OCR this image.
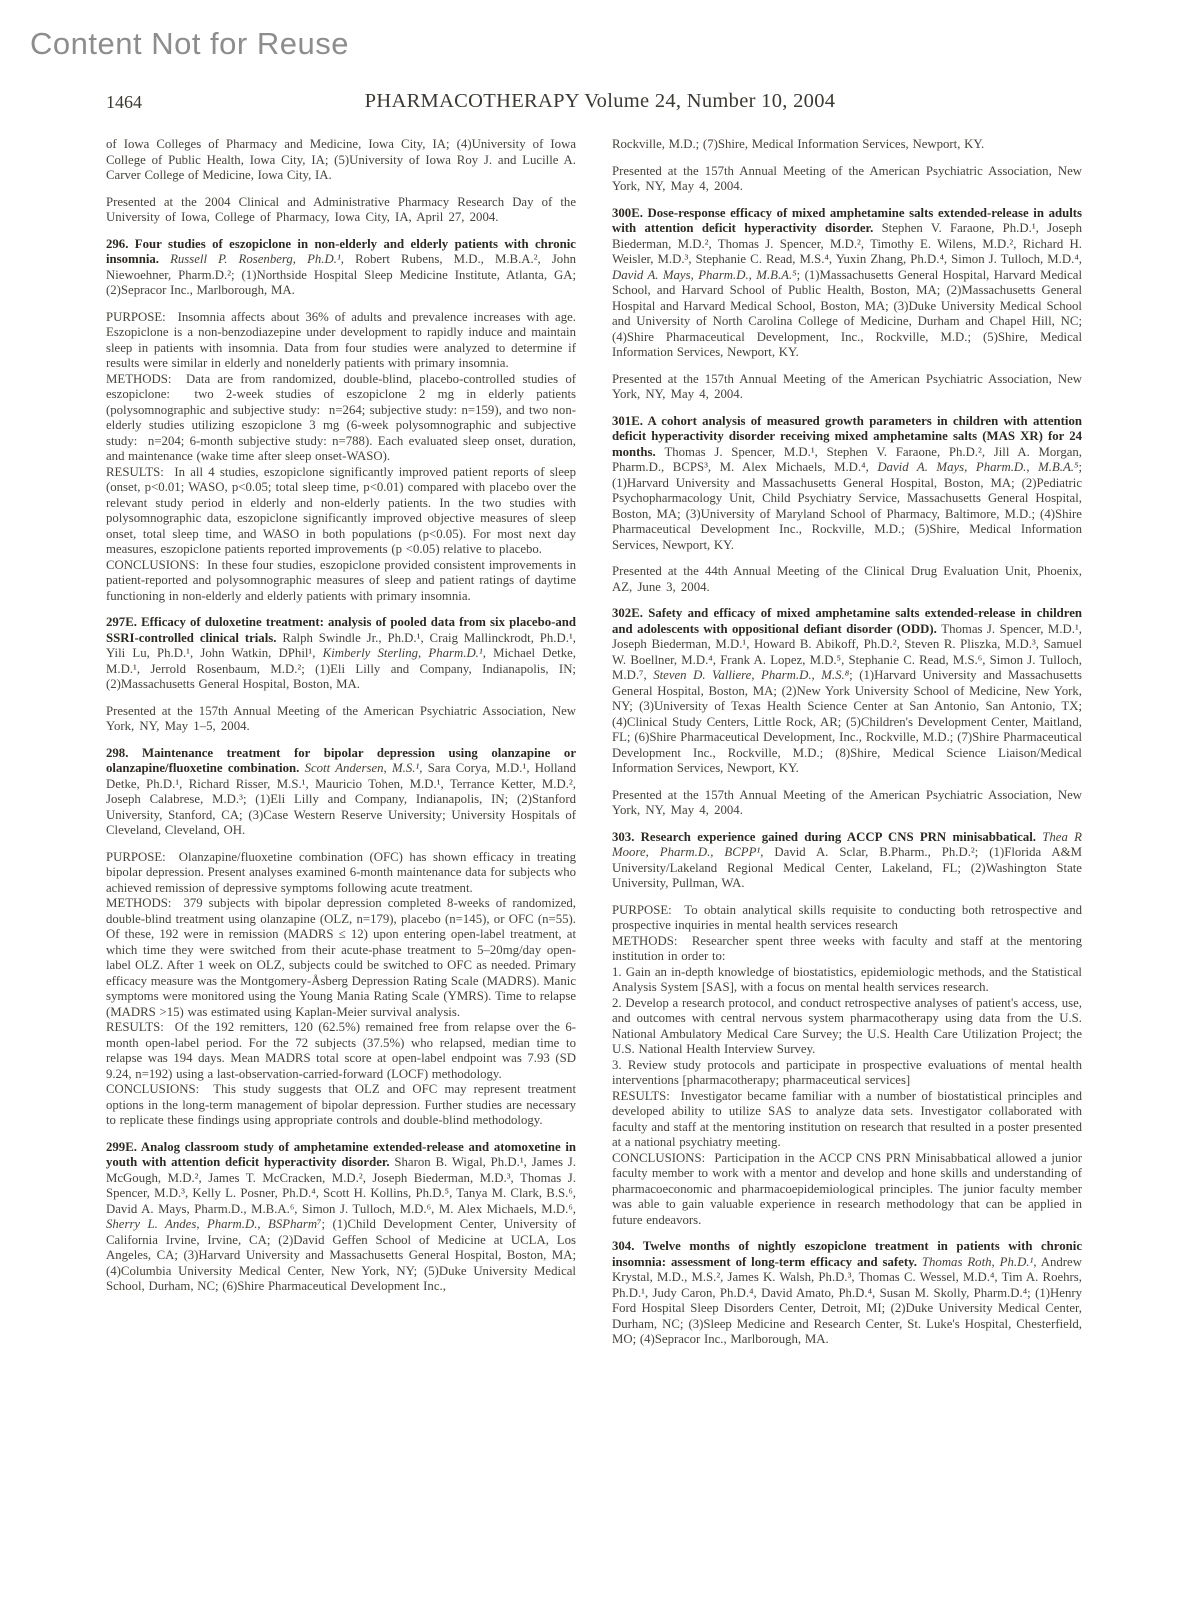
Content Not for Reuse
PHARMACOTHERAPY Volume 24, Number 10, 2004
1464
of Iowa Colleges of Pharmacy and Medicine, Iowa City, IA; (4)University of Iowa College of Public Health, Iowa City, IA; (5)University of Iowa Roy J. and Lucille A. Carver College of Medicine, Iowa City, IA.
Presented at the 2004 Clinical and Administrative Pharmacy Research Day of the University of Iowa, College of Pharmacy, Iowa City, IA, April 27, 2004.
296. Four studies of eszopiclone in non-elderly and elderly patients with chronic insomnia. Russell P. Rosenberg, Ph.D.¹, Robert Rubens, M.D., M.B.A.², John Niewoehner, Pharm.D.²; (1)Northside Hospital Sleep Medicine Institute, Atlanta, GA; (2)Sepracor Inc., Marlborough, MA.

PURPOSE:  Insomnia affects about 36% of adults and prevalence increases with age. Eszopiclone is a non-benzodiazepine under development to rapidly induce and maintain sleep in patients with insomnia. Data from four studies were analyzed to determine if results were similar in elderly and nonelderly patients with primary insomnia.

METHODS:  Data are from randomized, double-blind, placebo-controlled studies of eszopiclone:  two 2-week studies of eszopiclone 2 mg in elderly patients (polysomnographic and subjective study:  n=264; subjective study: n=159), and two non-elderly studies utilizing eszopiclone 3 mg (6-week polysomnographic and subjective study:  n=204; 6-month subjective study: n=788). Each evaluated sleep onset, duration, and maintenance (wake time after sleep onset-WASO).

RESULTS:  In all 4 studies, eszopiclone significantly improved patient reports of sleep (onset, p<0.01; WASO, p<0.05; total sleep time, p<0.01) compared with placebo over the relevant study period in elderly and non-elderly patients. In the two studies with polysomnographic data, eszopiclone significantly improved objective measures of sleep onset, total sleep time, and WASO in both populations (p<0.05). For most next day measures, eszopiclone patients reported improvements (p <0.05) relative to placebo.

CONCLUSIONS:  In these four studies, eszopiclone provided consistent improvements in patient-reported and polysomnographic measures of sleep and patient ratings of daytime functioning in non-elderly and elderly patients with primary insomnia.

297E. Efficacy of duloxetine treatment: analysis of pooled data from six placebo-and SSRI-controlled clinical trials. Ralph Swindle Jr., Ph.D.¹, Craig Mallinckrodt, Ph.D.¹, Yili Lu, Ph.D.¹, John Watkin, DPhil¹, Kimberly Sterling, Pharm.D.¹, Michael Detke, M.D.¹, Jerrold Rosenbaum, M.D.²; (1)Eli Lilly and Company, Indianapolis, IN; (2)Massachusetts General Hospital, Boston, MA.
Presented at the 157th Annual Meeting of the American Psychiatric Association, New York, NY, May 1–5, 2004.
298. Maintenance treatment for bipolar depression using olanzapine or olanzapine/fluoxetine combination. Scott Andersen, M.S.¹, Sara Corya, M.D.¹, Holland Detke, Ph.D.¹, Richard Risser, M.S.¹, Mauricio Tohen, M.D.¹, Terrance Ketter, M.D.², Joseph Calabrese, M.D.³; (1)Eli Lilly and Company, Indianapolis, IN; (2)Stanford University, Stanford, CA; (3)Case Western Reserve University; University Hospitals of Cleveland, Cleveland, OH.

PURPOSE:  Olanzapine/fluoxetine combination (OFC) has shown efficacy in treating bipolar depression. Present analyses examined 6-month maintenance data for subjects who achieved remission of depressive symptoms following acute treatment.

METHODS:  379 subjects with bipolar depression completed 8-weeks of randomized, double-blind treatment using olanzapine (OLZ, n=179), placebo (n=145), or OFC (n=55). Of these, 192 were in remission (MADRS ≤ 12) upon entering open-label treatment, at which time they were switched from their acute-phase treatment to 5–20mg/day open-label OLZ. After 1 week on OLZ, subjects could be switched to OFC as needed. Primary efficacy measure was the Montgomery-Åsberg Depression Rating Scale (MADRS). Manic symptoms were monitored using the Young Mania Rating Scale (YMRS). Time to relapse (MADRS >15) was estimated using Kaplan-Meier survival analysis.

RESULTS:  Of the 192 remitters, 120 (62.5%) remained free from relapse over the 6-month open-label period. For the 72 subjects (37.5%) who relapsed, median time to relapse was 194 days. Mean MADRS total score at open-label endpoint was 7.93 (SD 9.24, n=192) using a last-observation-carried-forward (LOCF) methodology.

CONCLUSIONS:  This study suggests that OLZ and OFC may represent treatment options in the long-term management of bipolar depression. Further studies are necessary to replicate these findings using appropriate controls and double-blind methodology.

299E. Analog classroom study of amphetamine extended-release and atomoxetine in youth with attention deficit hyperactivity disorder. Sharon B. Wigal, Ph.D.¹, James J. McGough, M.D.², James T. McCracken, M.D.², Joseph Biederman, M.D.³, Thomas J. Spencer, M.D.³, Kelly L. Posner, Ph.D.⁴, Scott H. Kollins, Ph.D.⁵, Tanya M. Clark, B.S.⁶, David A. Mays, Pharm.D., M.B.A.⁶, Simon J. Tulloch, M.D.⁶, M. Alex Michaels, M.D.⁶, Sherry L. Andes, Pharm.D., BSPharm⁷; (1)Child Development Center, University of California Irvine, Irvine, CA; (2)David Geffen School of Medicine at UCLA, Los Angeles, CA; (3)Harvard University and Massachusetts General Hospital, Boston, MA; (4)Columbia University Medical Center, New York, NY; (5)Duke University Medical School, Durham, NC; (6)Shire Pharmaceutical Development Inc.,
Rockville, M.D.; (7)Shire, Medical Information Services, Newport, KY.
Presented at the 157th Annual Meeting of the American Psychiatric Association, New York, NY, May 4, 2004.
300E. Dose-response efficacy of mixed amphetamine salts extended-release in adults with attention deficit hyperactivity disorder. Stephen V. Faraone, Ph.D.¹, Joseph Biederman, M.D.², Thomas J. Spencer, M.D.², Timothy E. Wilens, M.D.², Richard H. Weisler, M.D.³, Stephanie C. Read, M.S.⁴, Yuxin Zhang, Ph.D.⁴, Simon J. Tulloch, M.D.⁴, David A. Mays, Pharm.D., M.B.A.⁵; (1)Massachusetts General Hospital, Harvard Medical School, and Harvard School of Public Health, Boston, MA; (2)Massachusetts General Hospital and Harvard Medical School, Boston, MA; (3)Duke University Medical School and University of North Carolina College of Medicine, Durham and Chapel Hill, NC; (4)Shire Pharmaceutical Development, Inc., Rockville, M.D.; (5)Shire, Medical Information Services, Newport, KY.
Presented at the 157th Annual Meeting of the American Psychiatric Association, New York, NY, May 4, 2004.
301E. A cohort analysis of measured growth parameters in children with attention deficit hyperactivity disorder receiving mixed amphetamine salts (MAS XR) for 24 months. Thomas J. Spencer, M.D.¹, Stephen V. Faraone, Ph.D.², Jill A. Morgan, Pharm.D., BCPS³, M. Alex Michaels, M.D.⁴, David A. Mays, Pharm.D., M.B.A.⁵; (1)Harvard University and Massachusetts General Hospital, Boston, MA; (2)Pediatric Psychopharmacology Unit, Child Psychiatry Service, Massachusetts General Hospital, Boston, MA; (3)University of Maryland School of Pharmacy, Baltimore, M.D.; (4)Shire Pharmaceutical Development Inc., Rockville, M.D.; (5)Shire, Medical Information Services, Newport, KY.
Presented at the 44th Annual Meeting of the Clinical Drug Evaluation Unit, Phoenix, AZ, June 3, 2004.
302E. Safety and efficacy of mixed amphetamine salts extended-release in children and adolescents with oppositional defiant disorder (ODD). Thomas J. Spencer, M.D.¹, Joseph Biederman, M.D.¹, Howard B. Abikoff, Ph.D.², Steven R. Pliszka, M.D.³, Samuel W. Boellner, M.D.⁴, Frank A. Lopez, M.D.⁵, Stephanie C. Read, M.S.⁶, Simon J. Tulloch, M.D.⁷, Steven D. Valliere, Pharm.D., M.S.⁸; (1)Harvard University and Massachusetts General Hospital, Boston, MA; (2)New York University School of Medicine, New York, NY; (3)University of Texas Health Science Center at San Antonio, San Antonio, TX; (4)Clinical Study Centers, Little Rock, AR; (5)Children's Development Center, Maitland, FL; (6)Shire Pharmaceutical Development, Inc., Rockville, M.D.; (7)Shire Pharmaceutical Development Inc., Rockville, M.D.; (8)Shire, Medical Science Liaison/Medical Information Services, Newport, KY.
Presented at the 157th Annual Meeting of the American Psychiatric Association, New York, NY, May 4, 2004.
303. Research experience gained during ACCP CNS PRN minisabbatical. Thea R Moore, Pharm.D., BCPP¹, David A. Sclar, B.Pharm., Ph.D.²; (1)Florida A&M University/Lakeland Regional Medical Center, Lakeland, FL; (2)Washington State University, Pullman, WA.

PURPOSE:  To obtain analytical skills requisite to conducting both retrospective and prospective inquiries in mental health services research

METHODS:  Researcher spent three weeks with faculty and staff at the mentoring institution in order to:

1. Gain an in-depth knowledge of biostatistics, epidemiologic methods, and the Statistical Analysis System [SAS], with a focus on mental health services research.

2. Develop a research protocol, and conduct retrospective analyses of patient's access, use, and outcomes with central nervous system pharmacotherapy using data from the U.S. National Ambulatory Medical Care Survey; the U.S. Health Care Utilization Project; the U.S. National Health Interview Survey.

3. Review study protocols and participate in prospective evaluations of mental health interventions [pharmacotherapy; pharmaceutical services]

RESULTS:  Investigator became familiar with a number of biostatistical principles and developed ability to utilize SAS to analyze data sets. Investigator collaborated with faculty and staff at the mentoring institution on research that resulted in a poster presented at a national psychiatry meeting.

CONCLUSIONS:  Participation in the ACCP CNS PRN Minisabbatical allowed a junior faculty member to work with a mentor and develop and hone skills and understanding of pharmacoeconomic and pharmacoepidemiological principles. The junior faculty member was able to gain valuable experience in research methodology that can be applied in future endeavors.

304. Twelve months of nightly eszopiclone treatment in patients with chronic insomnia: assessment of long-term efficacy and safety. Thomas Roth, Ph.D.¹, Andrew Krystal, M.D., M.S.², James K. Walsh, Ph.D.³, Thomas C. Wessel, M.D.⁴, Tim A. Roehrs, Ph.D.¹, Judy Caron, Ph.D.⁴, David Amato, Ph.D.⁴, Susan M. Skolly, Pharm.D.⁴; (1)Henry Ford Hospital Sleep Disorders Center, Detroit, MI; (2)Duke University Medical Center, Durham, NC; (3)Sleep Medicine and Research Center, St. Luke's Hospital, Chesterfield, MO; (4)Sepracor Inc., Marlborough, MA.
